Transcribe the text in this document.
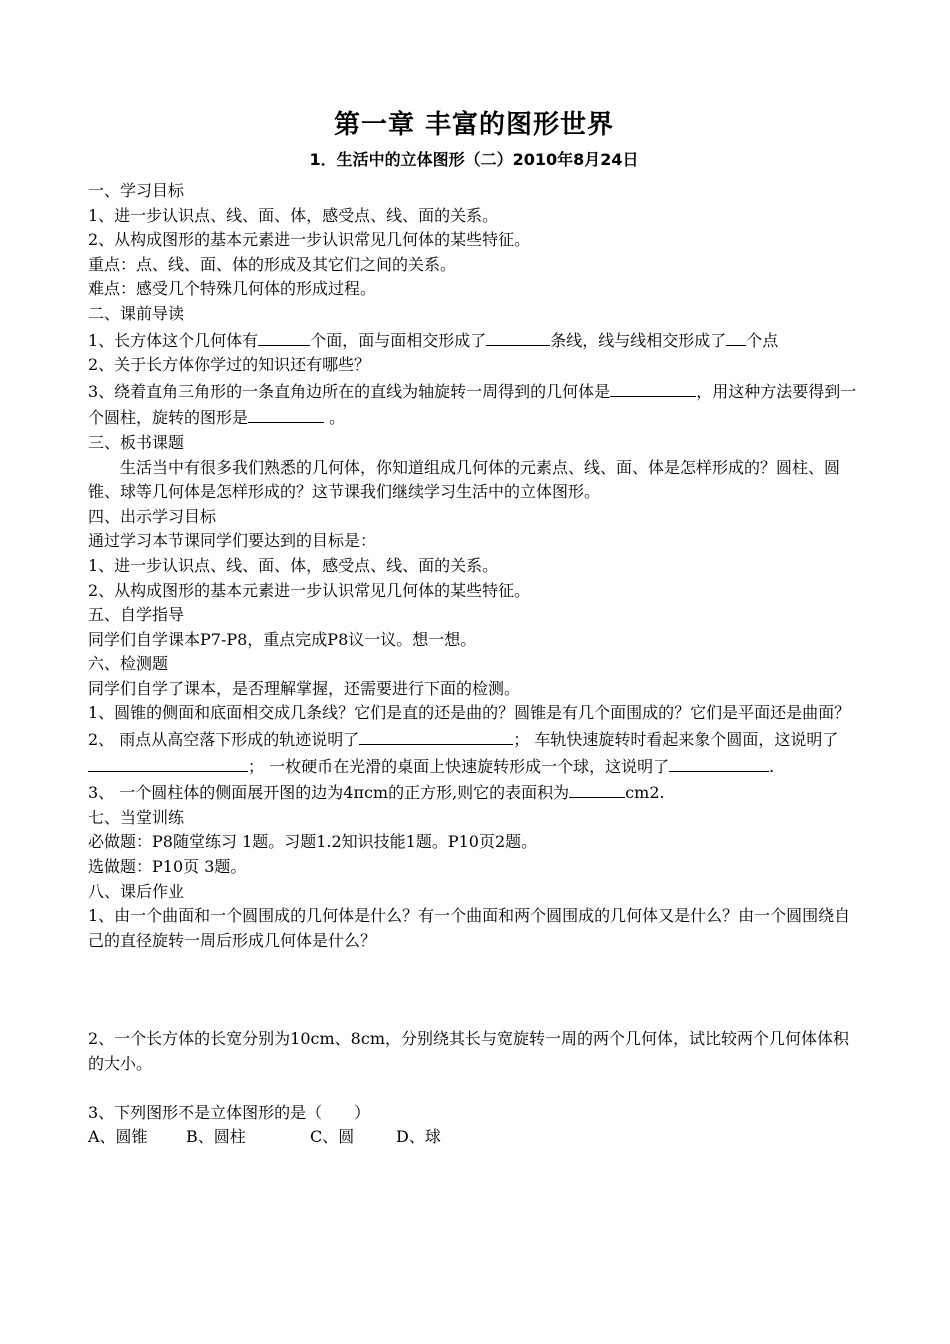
第一章 丰富的图形世界

1．生活中的立体图形（二）2010年8月24日

一、学习目标

1、进一步认识点、线、面、体，感受点、线、面的关系。

2、从构成图形的基本元素进一步认识常见几何体的某些特征。

重点：点、线、面、体的形成及其它们之间的关系。

难点：感受几个特殊几何体的形成过程。

二、课前导读

1、长方体这个几何体有	个面，面与面相交形成了	条线，线与线相交形成了 个点

2、关于长方体你学过的知识还有哪些？

3、绕着直角三角形的一条直角边所在的直线为轴旋转一周得到的几何体是	，用这种方法要得到一个圆柱，旋转的图形是	。

三、板书课题

生活当中有很多我们熟悉的几何体，你知道组成几何体的元素点、线、面、体是怎样形成的？圆柱、圆锥、球等几何体是怎样形成的？这节课我们继续学习生活中的立体图形。

四、出示学习目标

通过学习本节课同学们要达到的目标是：

1、进一步认识点、线、面、体，感受点、线、面的关系。

2、从构成图形的基本元素进一步认识常见几何体的某些特征。

五、自学指导

同学们自学课本P7-P8，重点完成P8议一议。想一想。

六、检测题

同学们自学了课本，是否理解掌握，还需要进行下面的检测。

1、圆锥的侧面和底面相交成几条线？它们是直的还是曲的？圆锥是有几个面围成的？它们是平面还是曲面？

2、 雨点从高空落下形成的轨迹说明了	； 车轨快速旋转时看起来象个圆面，这说明了； 一枚硬币在光滑的桌面上快速旋转形成一个球，这说明了	.

3、 一个圆柱体的侧面展开图的边为4πcm的正方形,则它的表面积为	cm2.

七、当堂训练

必做题：P8随堂练习 1题。习题1.2知识技能1题。P10页2题。

选做题：P10页 3题。

八、课后作业

1、由一个曲面和一个圆围成的几何体是什么？有一个曲面和两个圆围成的几何体又是什么？由一个圆围绕自己的直径旋转一周后形成几何体是什么？

2、一个长方体的长宽分别为10cm、8cm，分别绕其长与宽旋转一周的两个几何体，试比较两个几何体体积的大小。

3、下列图形不是立体图形的是（　　）

A、圆锥 B、圆柱	C、圆	D、球
